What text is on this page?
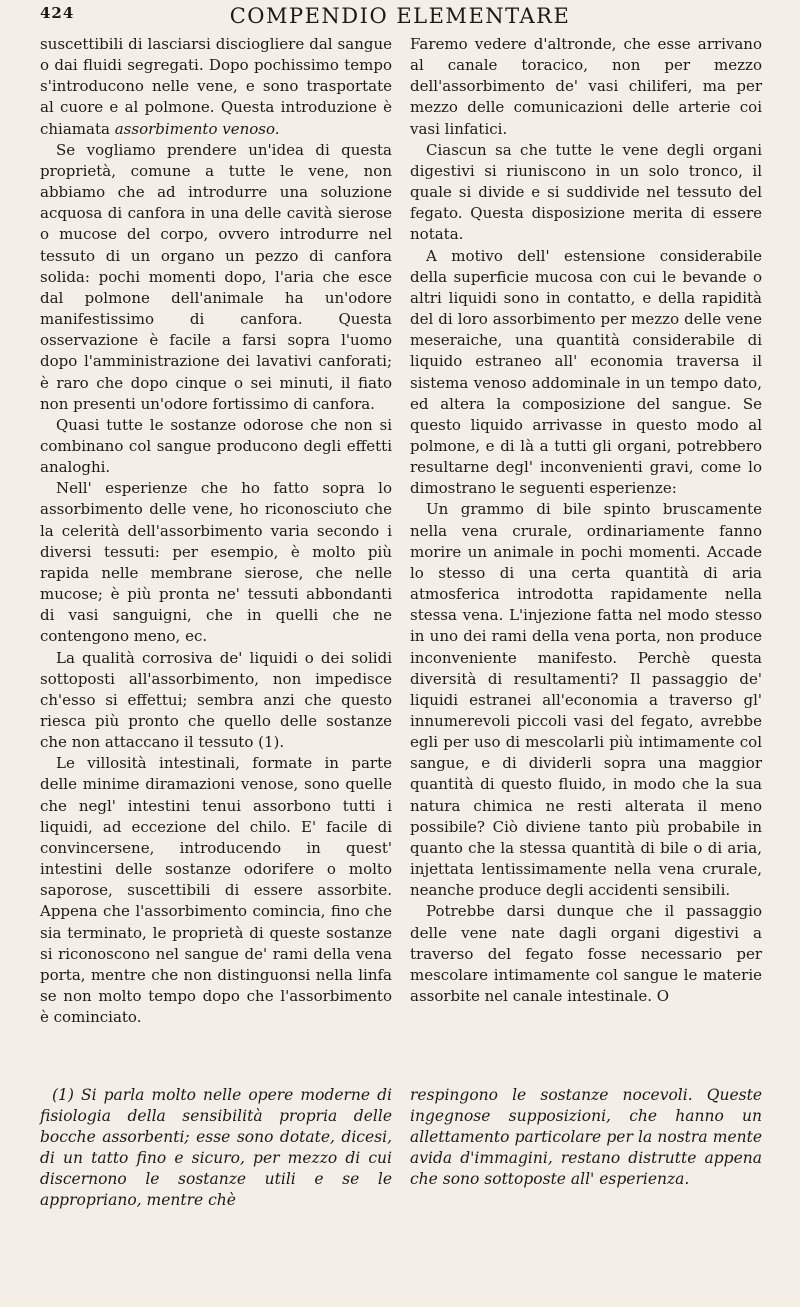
424	COMPENDIO ELEMENTARE

suscettibili di lasciarsi disciogliere dal sangue o dai fluidi segregati. Dopo pochissimo tempo s'introducono nelle vene, e sono trasportate al cuore e al polmone. Questa introduzione è chiamata assorbimento venoso.

Se vogliamo prendere un'idea di questa proprietà, comune a tutte le vene, non abbiamo che ad introdurre una soluzione acquosa di canfora in una delle cavità sierose o mucose del corpo, ovvero introdurre nel tessuto di un organo un pezzo di canfora solida: pochi momenti dopo, l'aria che esce dal polmone dell'animale ha un'odore manifestissimo di canfora. Questa osservazione è facile a farsi sopra l'uomo dopo l'amministrazione dei lavativi canforati; è raro che dopo cinque o sei minuti, il fiato non presenti un'odore fortissimo di canfora.

Quasi tutte le sostanze odorose che non si combinano col sangue producono degli effetti analoghi.

Nell' esperienze che ho fatto sopra lo assorbimento delle vene, ho riconosciuto che la celerità dell'assorbimento varia secondo i diversi tessuti: per esempio, è molto più rapida nelle membrane sierose, che nelle mucose; è più pronta ne' tessuti abbondanti di vasi sanguigni, che in quelli che ne contengono meno, ec.

La qualità corrosiva de' liquidi o dei solidi sottoposti all'assorbimento, non impedisce ch'esso si effettui; sembra anzi che questo riesca più pronto che quello delle sostanze che non attaccano il tessuto (1).

Le villosità intestinali, formate in parte delle minime diramazioni venose, sono quelle che negl' intestini tenui assorbono tutti i liquidi, ad eccezione del chilo. E' facile di convincersene, introducendo in quest' intestini delle sostanze odorifere o molto saporose, suscettibili di essere assorbite. Appena che l'assorbimento comincia, fino che sia terminato, le proprietà di queste sostanze si riconoscono nel sangue de' rami della vena porta, mentre che non distinguonsi nella linfa se non molto tempo dopo che l'assorbimento è cominciato.

Faremo vedere d'altronde, che esse arrivano al canale toracico, non per mezzo dell'assorbimento de' vasi chiliferi, ma per mezzo delle comunicazioni delle arterie coi vasi linfatici.

Ciascun sa che tutte le vene degli organi digestivi si riuniscono in un solo tronco, il quale si divide e si suddivide nel tessuto del fegato. Questa disposizione merita di essere notata.

A motivo dell' estensione considerabile della superficie mucosa con cui le bevande o altri liquidi sono in contatto, e della rapidità del di loro assorbimento per mezzo delle vene meseraiche, una quantità considerabile di liquido estraneo all' economia traversa il sistema venoso addominale in un tempo dato, ed altera la composizione del sangue. Se questo liquido arrivasse in questo modo al polmone, e di là a tutti gli organi, potrebbero resultarne degl' inconvenienti gravi, come lo dimostrano le seguenti esperienze:

Un grammo di bile spinto bruscamente nella vena crurale, ordinariamente fanno morire un animale in pochi momenti. Accade lo stesso di una certa quantità di aria atmosferica introdotta rapidamente nella stessa vena. L'injezione fatta nel modo stesso in uno dei rami della vena porta, non produce inconveniente manifesto. Perchè questa diversità di resultamenti? Il passaggio de' liquidi estranei all'economia a traverso gl' innumerevoli piccoli vasi del fegato, avrebbe egli per uso di mescolarli più intimamente col sangue, e di dividerli sopra una maggior quantità di questo fluido, in modo che la sua natura chimica ne resti alterata il meno possibile? Ciò diviene tanto più probabile in quanto che la stessa quantità di bile o di aria, injettata lentissimamente nella vena crurale, neanche produce degli accidenti sensibili.

Potrebbe darsi dunque che il passaggio delle vene nate dagli organi digestivi a traverso del fegato fosse necessario per mescolare intimamente col sangue le materie assorbite nel canale intestinale. O

(1) Si parla molto nelle opere moderne di fisiologia della sensibilità propria delle bocche assorbenti; esse sono dotate, dicesi, di un tatto fino e sicuro, per mezzo di cui discernono le sostanze utili e se le appropriano, mentre chè

respingono le sostanze nocevoli. Queste ingegnose supposizioni, che hanno un allettamento particolare per la nostra mente avida d'immagini, restano distrutte appena che sono sottoposte all' esperienza.
